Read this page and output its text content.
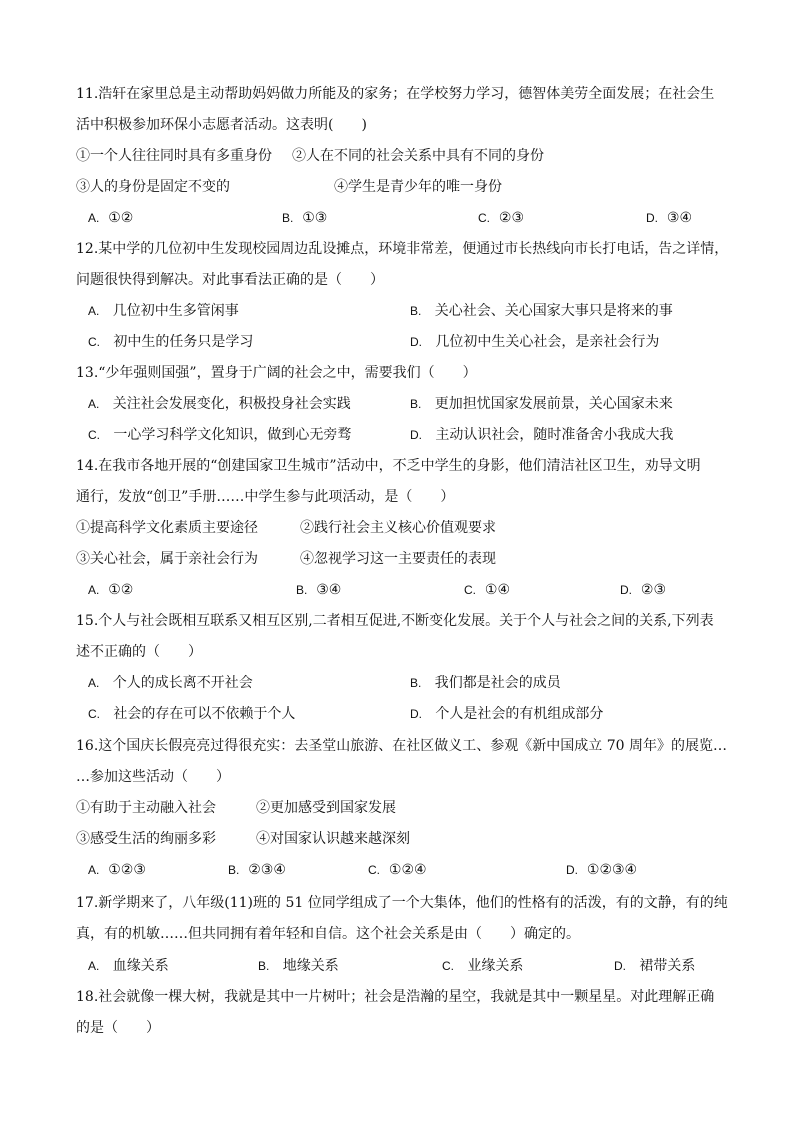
11.浩轩在家里总是主动帮助妈妈做力所能及的家务；在学校努力学习，德智体美劳全面发展；在社会生
活中积极参加环保小志愿者活动。这表明(　　)
①一个人往往同时具有多重身份 ②人在不同的社会关系中具有不同的身份
③人的身份是固定不变的	④学生是青少年的唯一身份
A. ①②	B. ①③	C. ②③	D. ③④
12.某中学的几位初中生发现校园周边乱设摊点，环境非常差，便通过市长热线向市长打电话，告之详情，
问题很快得到解决。对此事看法正确的是（　　）
A. 几位初中生多管闲事	B. 关心社会、关心国家大事只是将来的事
C. 初中生的任务只是学习	D. 几位初中生关心社会，是亲社会行为
13.“少年强则国强”，置身于广阔的社会之中，需要我们（　　）
A. 关注社会发展变化，积极投身社会实践	B. 更加担忧国家发展前景，关心国家未来
C. 一心学习科学文化知识，做到心无旁骛	D. 主动认识社会，随时准备舍小我成大我
14.在我市各地开展的“创建国家卫生城市”活动中，不乏中学生的身影，他们清洁社区卫生，劝导文明
通行，发放“创卫”手册……中学生参与此项活动，是（　　）
①提高科学文化素质主要途径	②践行社会主义核心价值观要求
③关心社会，属于亲社会行为	④忽视学习这一主要责任的表现
A. ①②	B. ③④	C. ①④	D. ②③
15.个人与社会既相互联系又相互区别,二者相互促进,不断变化发展。关于个人与社会之间的关系,下列表
述不正确的（　　）
A. 个人的成长离不开社会	B. 我们都是社会的成员
C. 社会的存在可以不依赖于个人	D. 个人是社会的有机组成部分
16.这个国庆长假亮亮过得很充实：去圣堂山旅游、在社区做义工、参观《新中国成立 70 周年》的展览…
…参加这些活动（　　）
①有助于主动融入社会	②更加感受到国家发展
③感受生活的绚丽多彩	④对国家认识越来越深刻
A. ①②③	B. ②③④	C. ①②④	D. ①②③④
17.新学期来了，八年级(11)班的 51 位同学组成了一个大集体，他们的性格有的活泼，有的文静，有的纯
真，有的机敏……但共同拥有着年轻和自信。这个社会关系是由（　　）确定的。
A. 血缘关系	B. 地缘关系	C. 业缘关系	D. 裙带关系
18.社会就像一棵大树，我就是其中一片树叶；社会是浩瀚的星空，我就是其中一颗星星。对此理解正确
的是（　　）
